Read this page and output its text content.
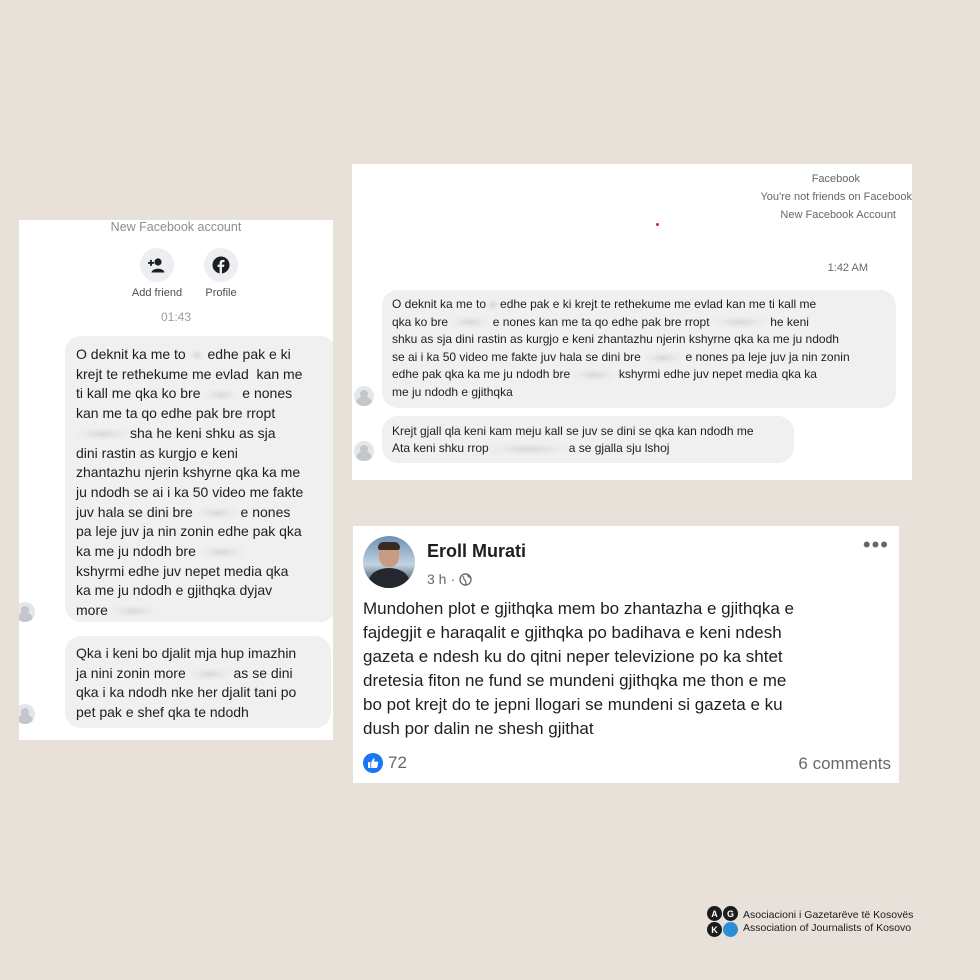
New Facebook account
Add friend	Profile
01:43
O deknit ka me to edhe pak e ki
krejt te rethekume me evlad kan me
ti kall me qka ko bre	e nones
kan me ta qo edhe pak bre rropt
sha he keni shku as sja
dini rastin as kurgjo e keni
zhantazhu njerin kshyrne qka ka me
ju ndodh se ai i ka 50 video me fakte
juv hala se dini bre	e nones
pa leje juv ja nin zonin edhe pak qka
ka me ju ndodh bre
kshyrmi edhe juv nepet media qka
ka me ju ndodh e gjithqka dyjav
more
Qka i keni bo djalit mja hup imazhin
ja nini zonin more	as se dini
qka i ka ndodh nke her djalit tani po
pet pak e shef qka te ndodh
Facebook
You're not friends on Facebook
New Facebook Account
1:42 AM
O deknit ka me to edhe pak e ki krejt te rethekume me evlad kan me ti kall me
qka ko bre	e nones kan me ta qo edhe pak bre rropt	he keni
shku as sja dini rastin as kurgjo e keni zhantazhu njerin kshyrne qka ka me ju ndodh
se ai i ka 50 video me fakte juv hala se dini bre	e nones pa leje juv ja nin zonin
edhe pak qka ka me ju ndodh bre	kshyrmi edhe juv nepet media qka ka
me ju ndodh e gjithqka
Krejt gjall qla keni kam meju kall se juv se dini se qka kan ndodh me
Ata keni shku rrop	a se gjalla sju lshoj
Eroll Murati
3 h ·
•••
Mundohen plot e gjithqka mem bo zhantazha e gjithqka e
fajdegjit e haraqalit e gjithqka po badihava e keni ndesh
gazeta e ndesh ku do qitni neper televizione po ka shtet
dretesia fiton ne fund se mundeni gjithqka me thon e me
bo pot krejt do te jepni llogari se mundeni si gazeta e ku
dush por dalin ne shesh gjithat
72	6 comments
A	G
K
Asociacioni i Gazetarëve të Kosovës
Association of Journalists of Kosovo
